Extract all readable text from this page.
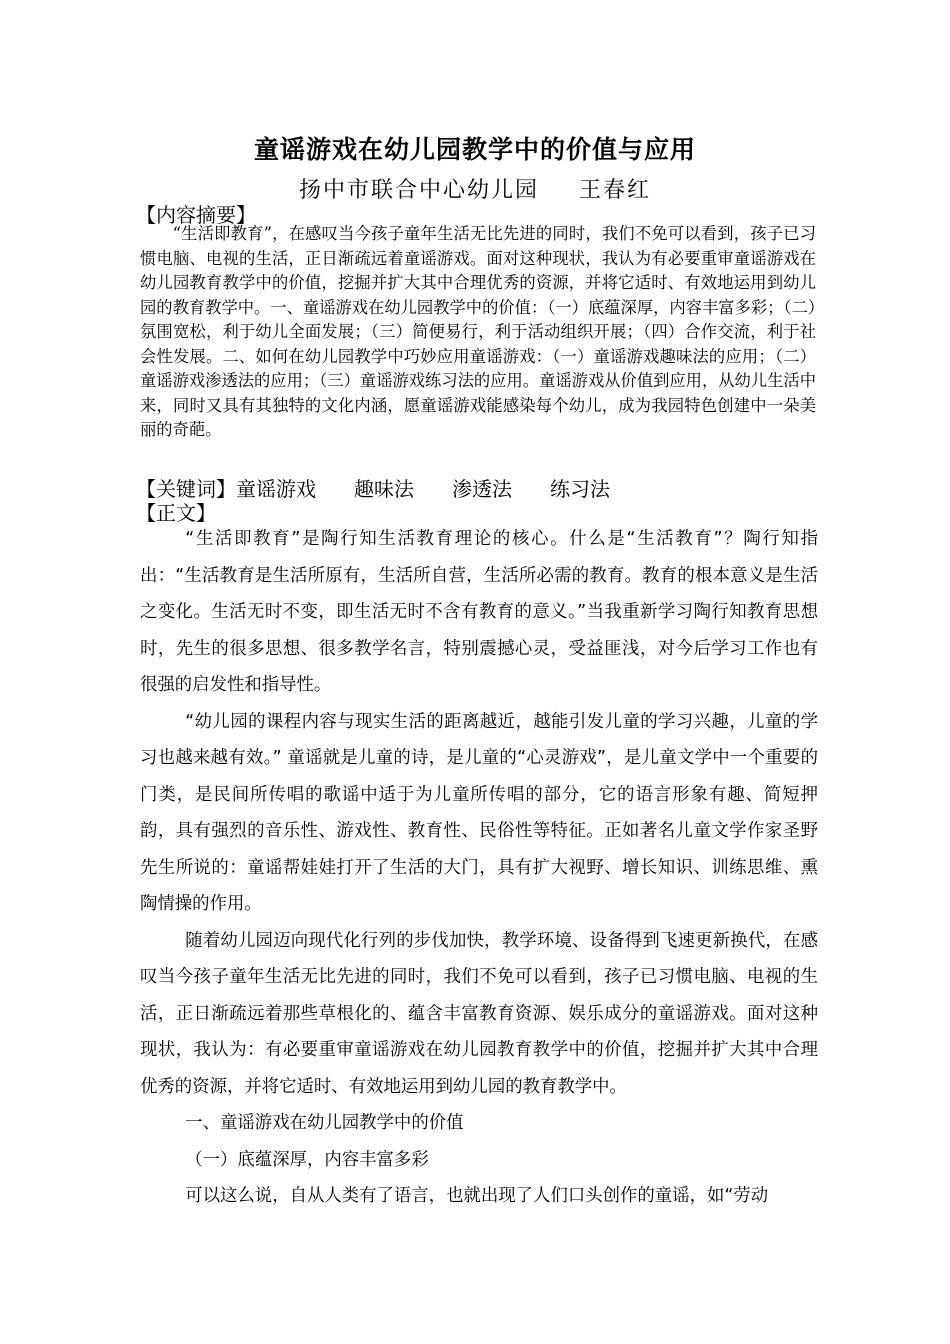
童谣游戏在幼儿园教学中的价值与应用
扬中市联合中心幼儿园 王春红
【内容摘要】
“生活即教育”，在感叹当今孩子童年生活无比先进的同时，我们不免可以看到，孩子已习惯电脑、电视的生活，正日渐疏远着童谣游戏。面对这种现状，我认为有必要重审童谣游戏在幼儿园教育教学中的价值，挖掘并扩大其中合理优秀的资源，并将它适时、有效地运用到幼儿园的教育教学中。一、童谣游戏在幼儿园教学中的价值：（一）底蕴深厚，内容丰富多彩；（二）氛围宽松，利于幼儿全面发展；（三）简便易行，利于活动组织开展；（四）合作交流，利于社会性发展。二、如何在幼儿园教学中巧妙应用童谣游戏：（一）童谣游戏趣味法的应用；（二）童谣游戏渗透法的应用；（三）童谣游戏练习法的应用。童谣游戏从价值到应用，从幼儿生活中来，同时又具有其独特的文化内涵，愿童谣游戏能感染每个幼儿，成为我园特色创建中一朵美丽的奇葩。
【关键词】童谣游戏 趣味法 渗透法 练习法
【正文】

“生活即教育”是陶行知生活教育理论的核心。什么是“生活教育”？陶行知指出：“生活教育是生活所原有，生活所自营，生活所必需的教育。教育的根本意义是生活之变化。生活无时不变，即生活无时不含有教育的意义。”当我重新学习陶行知教育思想时，先生的很多思想、很多教学名言，特别震撼心灵，受益匪浅，对今后学习工作也有很强的启发性和指导性。

“幼儿园的课程内容与现实生活的距离越近，越能引发儿童的学习兴趣，儿童的学习也越来越有效。” 童谣就是儿童的诗，是儿童的“心灵游戏”，是儿童文学中一个重要的门类，是民间所传唱的歌谣中适于为儿童所传唱的部分，它的语言形象有趣、简短押韵，具有强烈的音乐性、游戏性、教育性、民俗性等特征。正如著名儿童文学作家圣野先生所说的：童谣帮娃娃打开了生活的大门，具有扩大视野、增长知识、训练思维、熏陶情操的作用。

随着幼儿园迈向现代化行列的步伐加快，教学环境、设备得到飞速更新换代，在感叹当今孩子童年生活无比先进的同时，我们不免可以看到，孩子已习惯电脑、电视的生活，正日渐疏远着那些草根化的、蕴含丰富教育资源、娱乐成分的童谣游戏。面对这种现状，我认为：有必要重审童谣游戏在幼儿园教育教学中的价值，挖掘并扩大其中合理优秀的资源，并将它适时、有效地运用到幼儿园的教育教学中。

一、童谣游戏在幼儿园教学中的价值

（一）底蕴深厚，内容丰富多彩

可以这么说，自从人类有了语言，也就出现了人们口头创作的童谣，如“劳动
